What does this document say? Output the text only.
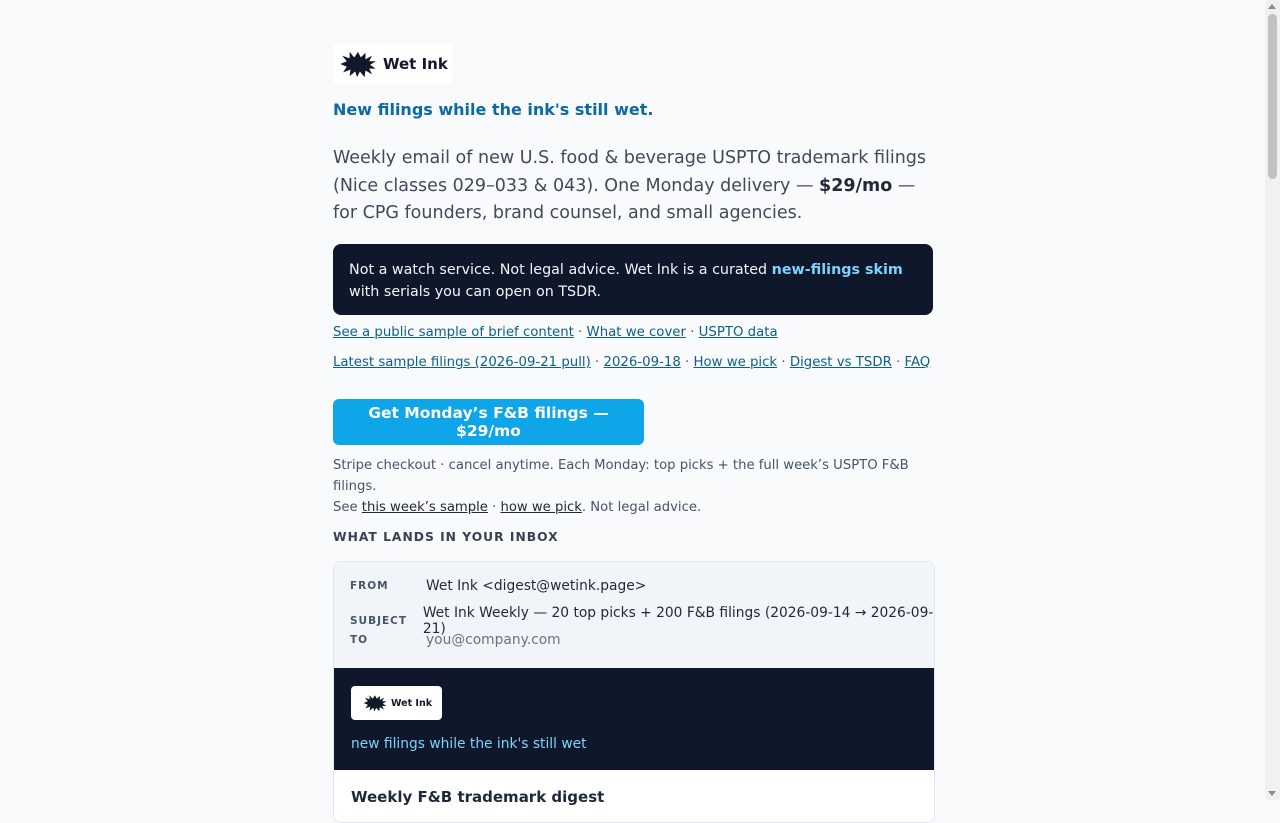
Wet Ink
New filings while the ink's still wet.
Weekly email of new U.S. food & beverage USPTO trademark filings (Nice classes 029–033 & 043). One Monday delivery — $29/mo — for CPG founders, brand counsel, and small agencies.
Not a watch service. Not legal advice. Wet Ink is a curated new-filings skim with serials you can open on TSDR.
See a public sample of brief content · What we cover · USPTO data
Latest sample filings (2026-09-21 pull) · 2026-09-18 · How we pick · Digest vs TSDR · FAQ
Get Monday’s F&B filings — $29/mo
Stripe checkout · cancel anytime. Each Monday: top picks + the full week’s USPTO F&B filings.
See this week’s sample · how we pick. Not legal advice.
WHAT LANDS IN YOUR INBOX
FROM	Wet Ink <digest@wetink.page>
SUBJECT	Wet Ink Weekly — 20 top picks + 200 F&B filings (2026-09-14 → 2026-09-21)
TO	you@company.com
Wet Ink
new filings while the ink's still wet
Weekly F&B trademark digest
